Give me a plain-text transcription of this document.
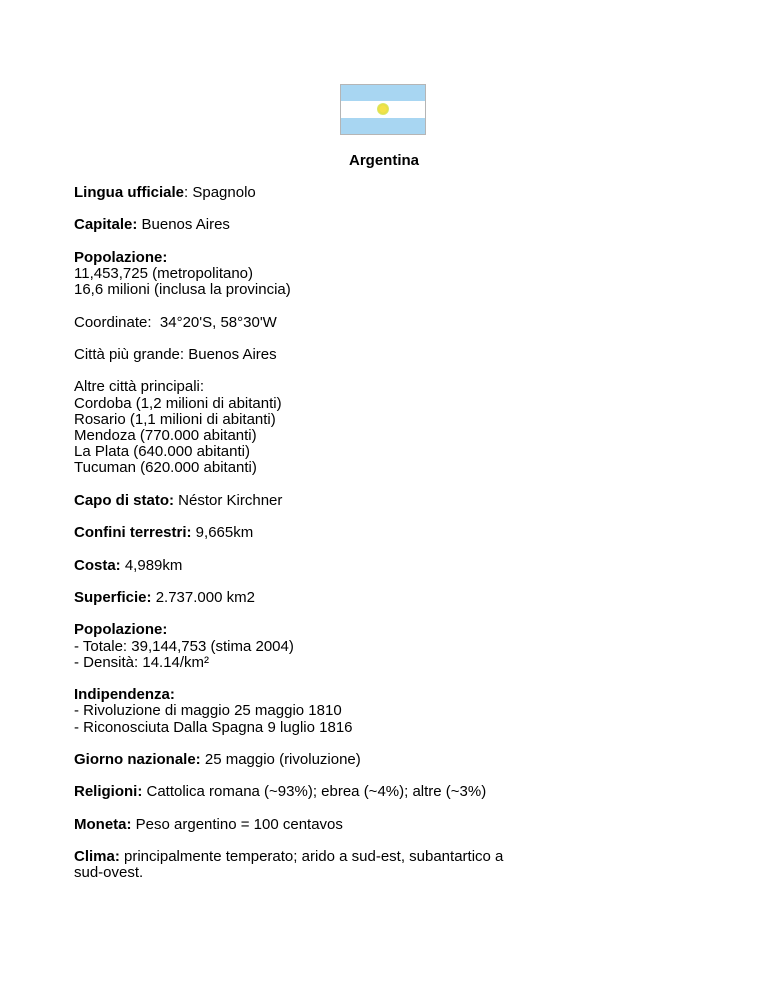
Argentina
Lingua ufficiale: Spagnolo
Capitale: Buenos Aires
Popolazione:
11,453,725 (metropolitano)
16,6 milioni (inclusa la provincia)
Coordinate:  34°20'S, 58°30'W
Città più grande: Buenos Aires
Altre città principali:
Cordoba (1,2 milioni di abitanti)
Rosario (1,1 milioni di abitanti)
Mendoza (770.000 abitanti)
La Plata (640.000 abitanti)
Tucuman (620.000 abitanti)
Capo di stato: Néstor Kirchner
Confini terrestri: 9,665km
Costa: 4,989km
Superficie: 2.737.000 km2
Popolazione:
- Totale: 39,144,753 (stima 2004)
- Densità: 14.14/km²
Indipendenza:
- Rivoluzione di maggio 25 maggio 1810
- Riconosciuta Dalla Spagna 9 luglio 1816
Giorno nazionale: 25 maggio (rivoluzione)
Religioni: Cattolica romana (~93%); ebrea (~4%); altre (~3%)
Moneta: Peso argentino = 100 centavos
Clima: principalmente temperato; arido a sud-est, subantartico a
sud-ovest.
